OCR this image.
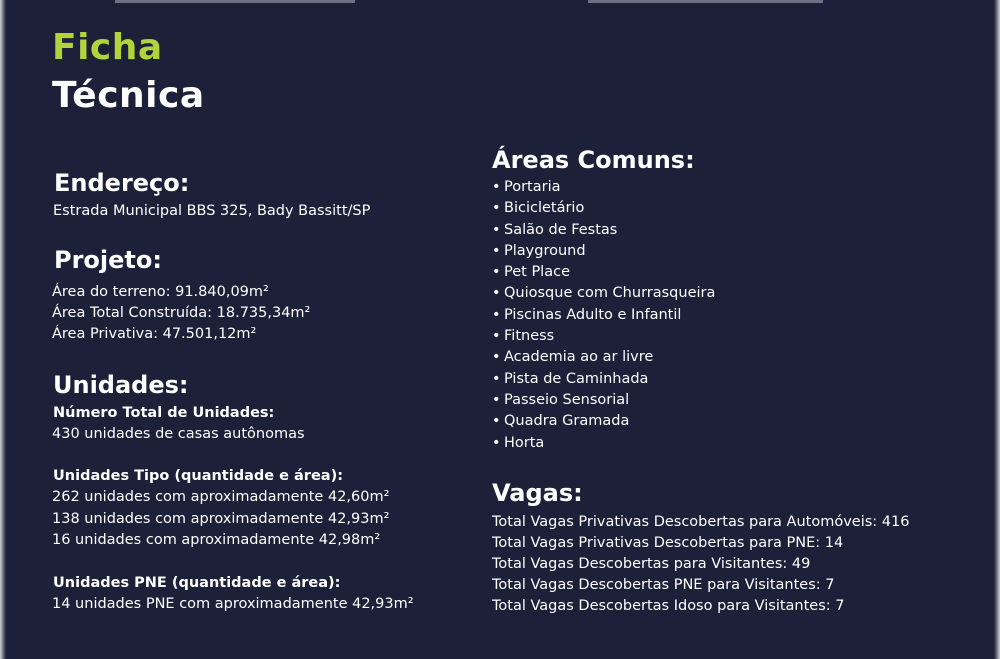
Ficha
Técnica
Endereço:
Estrada Municipal BBS 325, Bady Bassitt/SP
Projeto:
Área do terreno: 91.840,09m²
Área Total Construída: 18.735,34m²
Área Privativa: 47.501,12m²
Unidades:
Número Total de Unidades:
430 unidades de casas autônomas
Unidades Tipo (quantidade e área):
262 unidades com aproximadamente 42,60m²
138 unidades com aproximadamente 42,93m²
16 unidades com aproximadamente 42,98m²
Unidades PNE (quantidade e área):
14 unidades PNE com aproximadamente 42,93m²
Áreas Comuns:
• Portaria
• Bicicletário
• Salão de Festas
• Playground
• Pet Place
• Quiosque com Churrasqueira
• Piscinas Adulto e Infantil
• Fitness
• Academia ao ar livre
• Pista de Caminhada
• Passeio Sensorial
• Quadra Gramada
• Horta
Vagas:
Total Vagas Privativas Descobertas para Automóveis: 416
Total Vagas Privativas Descobertas para PNE: 14
Total Vagas Descobertas para Visitantes: 49
Total Vagas Descobertas PNE para Visitantes: 7
Total Vagas Descobertas Idoso para Visitantes: 7
